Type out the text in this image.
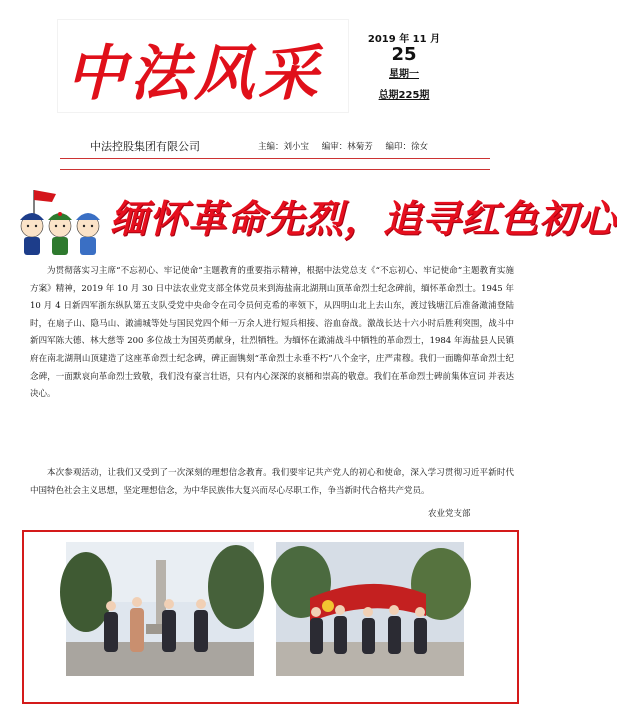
中法风采	2019 年 11 月
25
星期一
总期225期
中法控股集团有限公司	主编：刘小宝 编审：林菊芳 编印：徐女
缅怀革命先烈，追寻红色初心
为贯彻落实习主席“不忘初心、牢记使命”主题教育的重要指示精神，根据中法党总支《“不忘初心、牢记使命”主题教育实施方案》精神，2019 年 10 月 30 日中法农业党支部全体党员来到海盐南北湖荆山顶革命烈士纪念碑前，缅怀革命烈士。1945 年 10 月 4 日新四军浙东纵队第五支队受党中央命令在司令员何克希的率领下，从四明山北上去山东，渡过钱塘江后准备澉浦登陆时，在扇子山、隐马山、澉浦城等处与国民党四个师一万余人进行短兵相接、浴血奋战。激战长达十六小时后胜利突围，战斗中新四军陈大德、林大慈等 200 多位战士为国英勇献身，壮烈牺牲。为缅怀在澉浦战斗中牺牲的革命烈士，1984 年海盐县人民镇府在南北湖荆山顶建造了这座革命烈士纪念碑，碑正面镌刻“革命烈士永垂不朽”八个金字，庄严肃穆。我们一面瞻仰革命烈士纪念碑，一面默哀向革命烈士致敬，我们没有豪言壮语，只有内心深深的哀桶和崇高的敬意。我们在革命烈士碑前集体宣词 并表达决心。
本次参观活动，让我们又受到了一次深刻的理想信念教育。我们要牢记共产党人的初心和使命，深入学习贯彻习近平新时代中国特色社会主义思想，坚定理想信念，为中华民族伟大复兴而尽心尽职工作，争当新时代合格共产党员。
农业党支部
